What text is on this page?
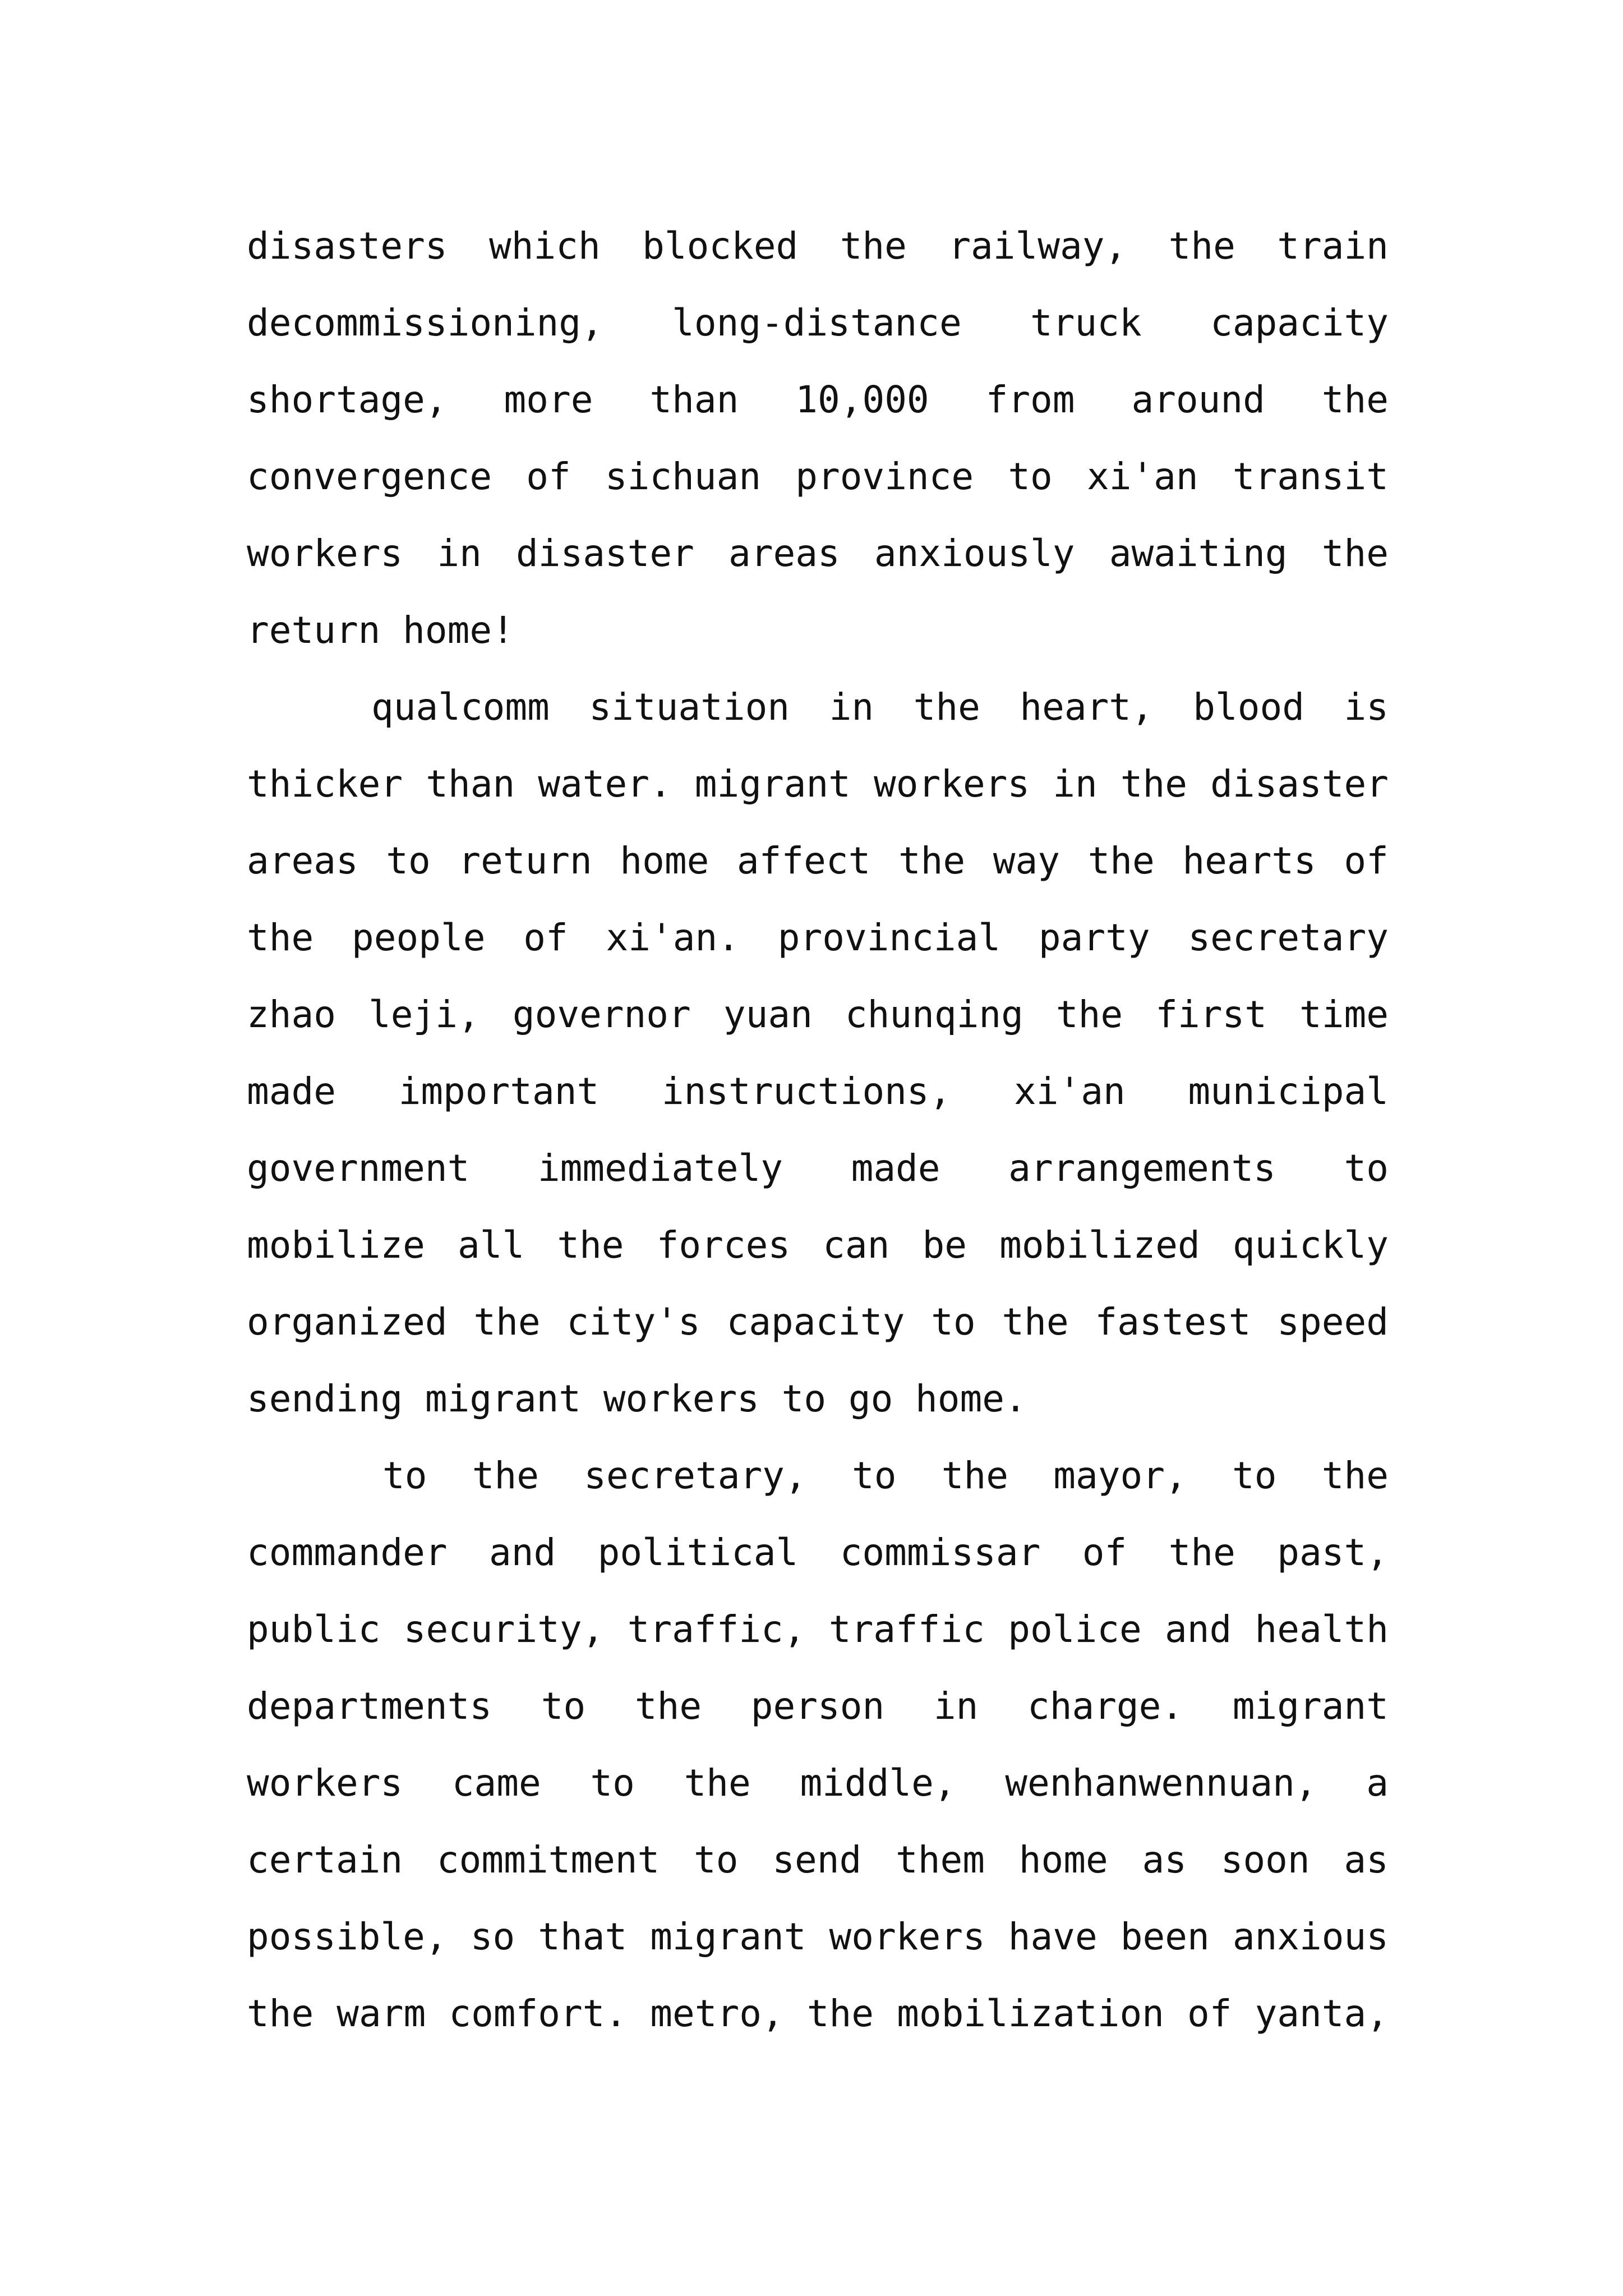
disasters which blocked the railway, the train
decommissioning, long-distance truck capacity
shortage, more than 10,000 from around the
convergence of sichuan province to xi'an transit
workers in disaster areas anxiously awaiting the
return home!
qualcomm situation in the heart, blood is
thicker than water. migrant workers in the disaster
areas to return home affect the way the hearts of
the people of xi'an. provincial party secretary
zhao leji, governor yuan chunqing the first time
made important instructions, xi'an municipal
government immediately made arrangements to
mobilize all the forces can be mobilized quickly
organized the city's capacity to the fastest speed
sending migrant workers to go home.
to the secretary, to the mayor, to the
commander and political commissar of the past,
public security, traffic, traffic police and health
departments to the person in charge. migrant
workers came to the middle, wenhanwennuan, a
certain commitment to send them home as soon as
possible, so that migrant workers have been anxious
the warm comfort. metro, the mobilization of yanta,
